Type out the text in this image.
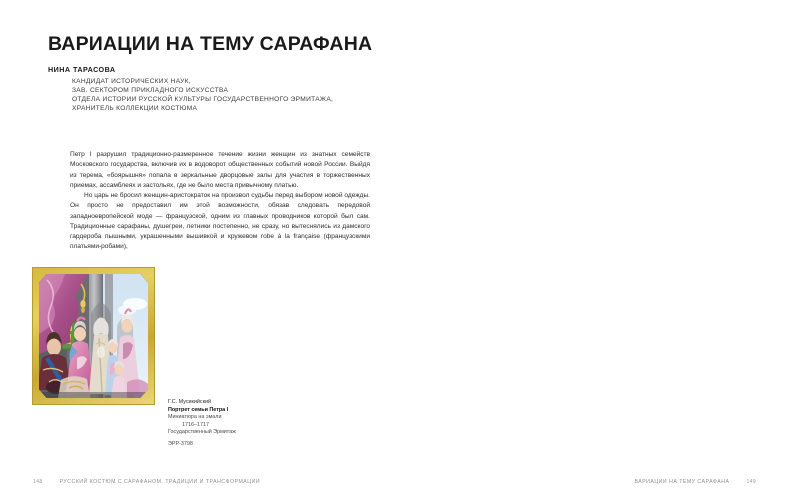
ВАРИАЦИИ НА ТЕМУ САРАФАНА
НИНА ТАРАСОВА
КАНДИДАТ ИСТОРИЧЕСКИХ НАУК,
ЗАВ. СЕКТОРОМ ПРИКЛАДНОГО ИСКУССТВА
ОТДЕЛА ИСТОРИИ РУССКОЙ КУЛЬТУРЫ ГОСУДАРСТВЕННОГО ЭРМИТАЖА,
ХРАНИТЕЛЬ КОЛЛЕКЦИИ КОСТЮМА

Петр I разрушил традиционно-размеренное течение жизни женщин из знатных семейств Московского государства, включив их в водоворот общественных событий новой России. Выйдя из терема, «боярышня» попала в зеркальные дворцовые залы для участия в торжественных приемах, ассамблеях и застольях, где не было места привычному платью.

Но царь не бросил женщин-аристократок на произвол судьбы перед выбором новой одежды. Он просто не предоставил им этой возможности, обязав следовать передовой западноевропейской моде — французской, одним из главных проводников которой был сам. Традиционные сарафаны, душегреи, летники постепенно, не сразу, но вытеснялись из дамского гардероба пышными, украшенными вышивкой и кружевом robe à la française (французскими платьями-робами),

Г.С. Мусикийский
Портрет семьи Петра I
Миниатюра на эмали
1716–1717
Государственный Эрмитаж
ЭРР-3798
148	РУССКИЙ КОСТЮМ С САРАФАНОМ. ТРАДИЦИИ И ТРАНСФОРМАЦИИ	ВАРИАЦИИ НА ТЕМУ САРАФАНА	149
